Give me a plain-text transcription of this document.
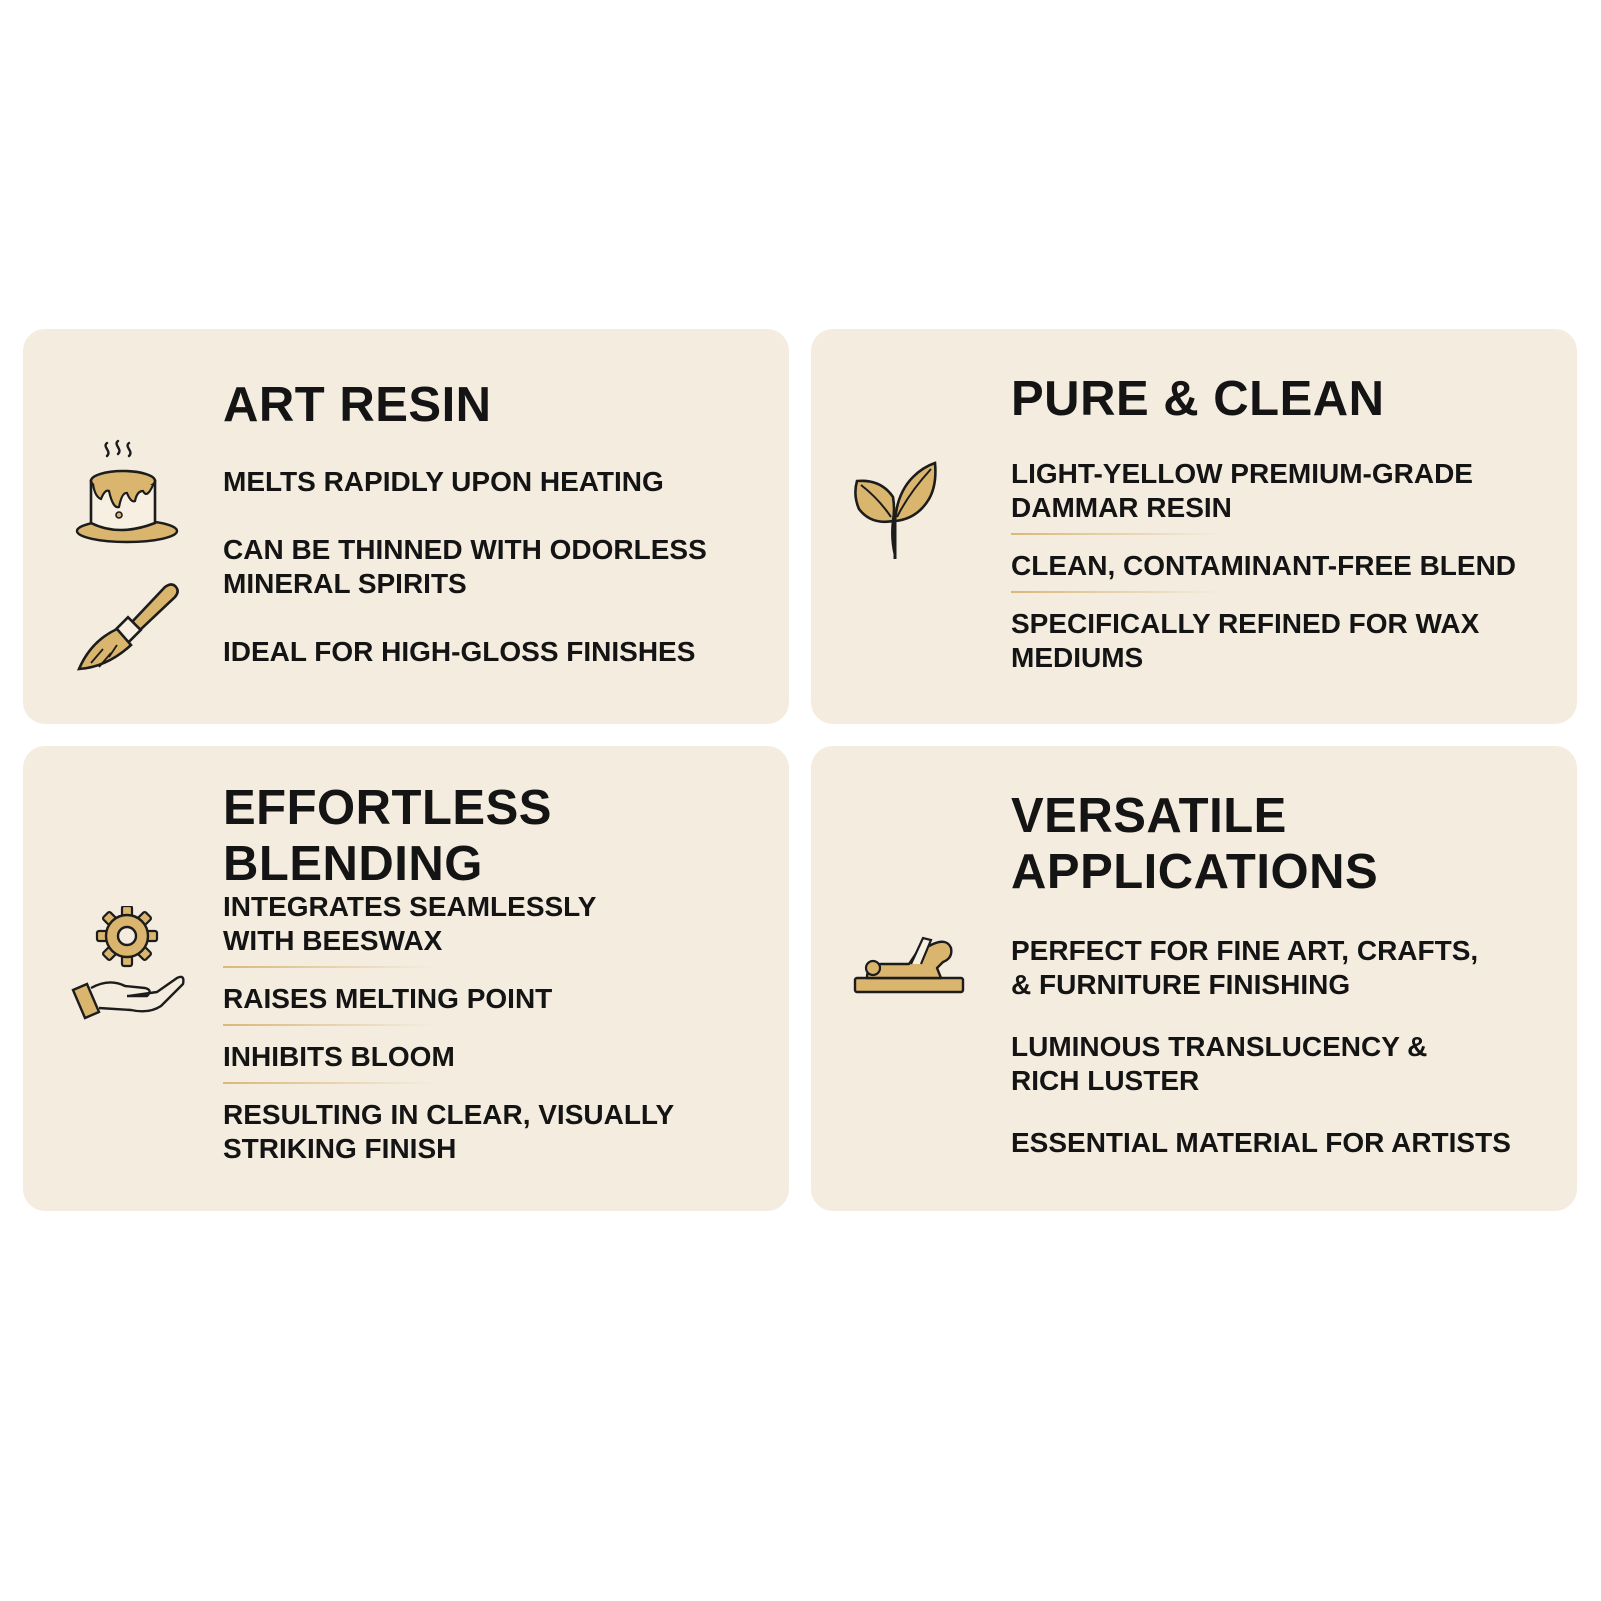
ART RESIN
MELTS RAPIDLY UPON HEATING
CAN BE THINNED WITH ODORLESS
MINERAL SPIRITS
IDEAL FOR HIGH-GLOSS FINISHES
PURE & CLEAN
LIGHT-YELLOW PREMIUM-GRADE
DAMMAR RESIN
CLEAN, CONTAMINANT-FREE BLEND
SPECIFICALLY REFINED FOR WAX
MEDIUMS
EFFORTLESS
BLENDING
INTEGRATES SEAMLESSLY
WITH BEESWAX
RAISES MELTING POINT
INHIBITS BLOOM
RESULTING IN CLEAR, VISUALLY
STRIKING FINISH
VERSATILE
APPLICATIONS
PERFECT FOR FINE ART, CRAFTS,
& FURNITURE FINISHING
LUMINOUS TRANSLUCENCY &
RICH LUSTER
ESSENTIAL MATERIAL FOR ARTISTS
